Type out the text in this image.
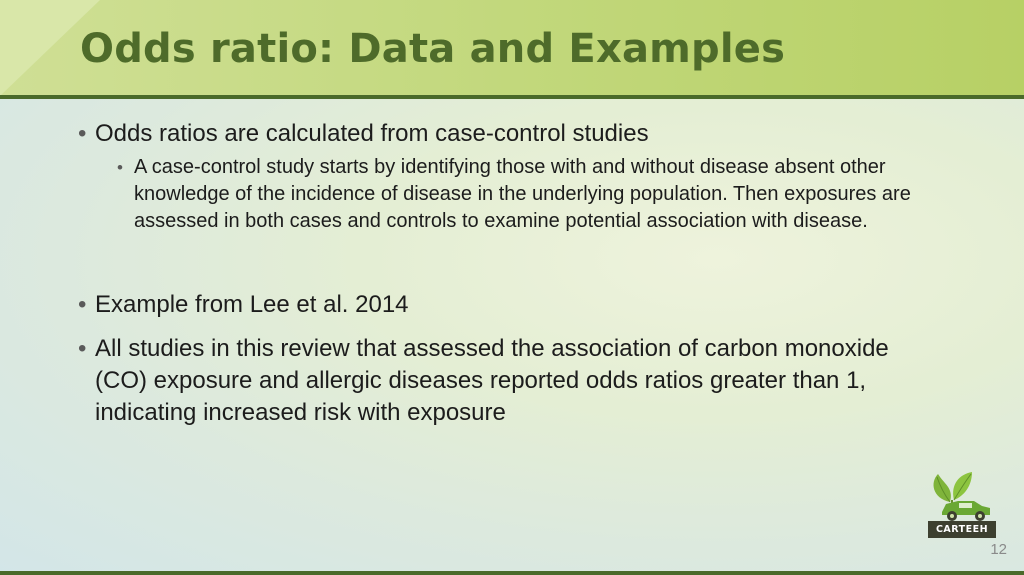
Odds ratio: Data and Examples
• Odds ratios are calculated from case-control studies
• A case-control study starts by identifying those with and without disease absent other knowledge of the incidence of disease in the underlying population. Then exposures are assessed in both cases and controls to examine potential association with disease.
• Example from Lee et al. 2014
• All studies in this review that assessed the association of carbon monoxide (CO) exposure and allergic diseases reported odds ratios greater than 1, indicating increased risk with exposure
CARTEEH
12
